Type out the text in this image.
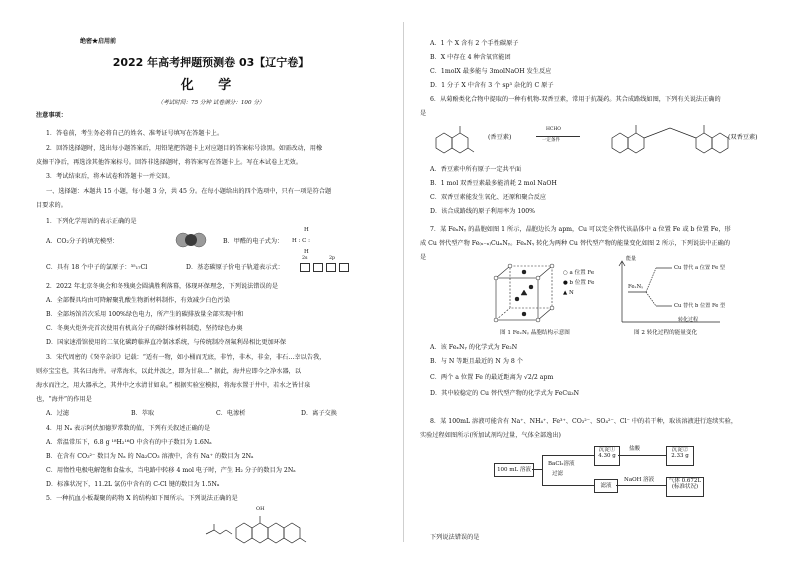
绝密★启用前
2022 年高考押题预测卷 03【辽宁卷】
化 学
（考试时间：75 分钟 试卷满分：100 分）
注意事项：
1．答卷前，考生务必将自己的姓名、准考证号填写在答题卡上。
2．回答选择题时，选出每小题答案后，用铅笔把答题卡上对应题目的答案标号涂黑。如需改动，用橡
皮擦干净后，再选涂其他答案标号。回答非选择题时，将答案写在答题卡上。写在本试卷上无效。
3．考试结束后，将本试卷和答题卡一并交回。
一、选择题：本题共 15 小题，每小题 3 分，共 45 分。在每小题给出的四个选项中，只有一项是符合题
目要求的。
1．下列化学用语的表示正确的是
A．CO₂分子的填充模型：	B．甲醛的电子式为：
H
H : C :
H
C．具有 18 个中子的氯原子：³⁵₁₇Cl	D．基态碳原子价电子轨道表示式：
2s	2p

2．2022 年北京冬奥会和冬残奥会圆满胜利落幕，体现环保理念，下列说法错误的是
A．全部餐具均由可降解聚乳酸生物新材料制作，有效减少白色污染
B．全部场馆首次采用 100%绿色电力，所产生的碳排放量全部实现中和
C．冬奥火炬外壳首次使用有机高分子的碳纤维材料制造，坚持绿色办奥
D．国家速滑馆使用的二氧化碳跨临界直冷制冰系统，与传统制冷剂氟利昂相比更加环保
3．宋代周密的《癸辛杂识》记载：“适有一物，如小桶而无底，非竹，非木，非金，非石…幸以告我，
则亦宝宝也，其名曰海井。寻常海水，以此井汲之，即为甘泉…” 据此，海井应即今之净水器，以
海水而注之，用大器承之，其井中之水清甘如泉。” 根据实验室模拟，将海水置于井中，若水之皆甘泉
也，“海井”的作用是
A．过滤	B．萃取	C．电渗析	D．离子交换
4．用 Nₐ 表示阿伏加德罗常数的值，下列有关叙述正确的是
A．常温常压下，6.8 g ¹⁸H₂¹⁶O 中含有的中子数目为 1.6Nₐ
B．在含有 CO₃²⁻ 数目为 Nₐ 的 Na₂CO₃ 溶液中，含有 Na⁺ 的数目为 2Nₐ
C．用惰性电极电解饱和食盐水，当电路中转移 4 mol 电子时，产生 H₂ 分子的数目为 2Nₐ
D．标准状况下，11.2L 氯仿中含有的 C-Cl 键的数目为 1.5Nₐ
5．一种抗血小板凝聚的药物 X 的结构如下图所示。下列说法正确的是
OH
A．1 个 X 含有 2 个手性碳原子
B．X 中存在 4 种含氧官能团
C．1molX 最多能与 3molNaOH 发生反应
D．1 分子 X 中含有 3 个 sp³ 杂化的 C 原子
6．从菊酚类化合物中提取的一种有机物-双香豆素，常用于抗凝药。其合成路线如图，下列有关说法正确的
是
(香豆素)
HCHO
一定条件	(双香豆素)
A．香豆素中所有原子一定共平面
B．1 mol 双香豆素最多能消耗 2 mol NaOH
C．双香豆素能发生氧化、还原和聚合反应
D．该合成路线的原子利用率为 100%
7．某 FeₓNᵧ 的晶胞如图 1 所示，晶胞边长为 apm，Cu 可以完全替代该晶体中 a 位置 Fe 或 b 位置 Fe，形
成 Cu 替代型产物 Fe₍ₓ₋ₙ₎CuₙNᵧ。FeₓNᵧ 转化为两种 Cu 替代型产物的能量变化如图 2 所示，下列说法中正确的
是
○ a 位置 Fe
● b 位置 Fe
▲ N
能量
Cu 替代 a 位置 Fe 型
FeₓNᵧ
Cu 替代 b 位置 Fe 型
转化过程
图 1 FeₓNᵧ 晶胞结构示意图	图 2 转化过程的能量变化
A．该 FeₓNᵧ 的化学式为 Fe₂N
B．与 N 等距且最近的 N 为 8 个
C．两个 a 位置 Fe 的最近距离为 √2/2 apm
D．其中较稳定的 Cu 替代型产物的化学式为 FeCu₃N
8．某 100mL 溶液可能含有 Na⁺、NH₄⁺、Fe³⁺、CO₃²⁻、SO₄²⁻、Cl⁻ 中的若干种，取该溶液进行连续实验，
实验过程如图所示(所加试剂均过量，气体全部逸出)
100 mL 溶液
BaCl₂溶液
过滤
沉淀①
4.30 g
盐酸	沉淀②
2.33 g
滤液
NaOH 溶液	气体 0.672L
(标准状况)
下列说法错误的是
